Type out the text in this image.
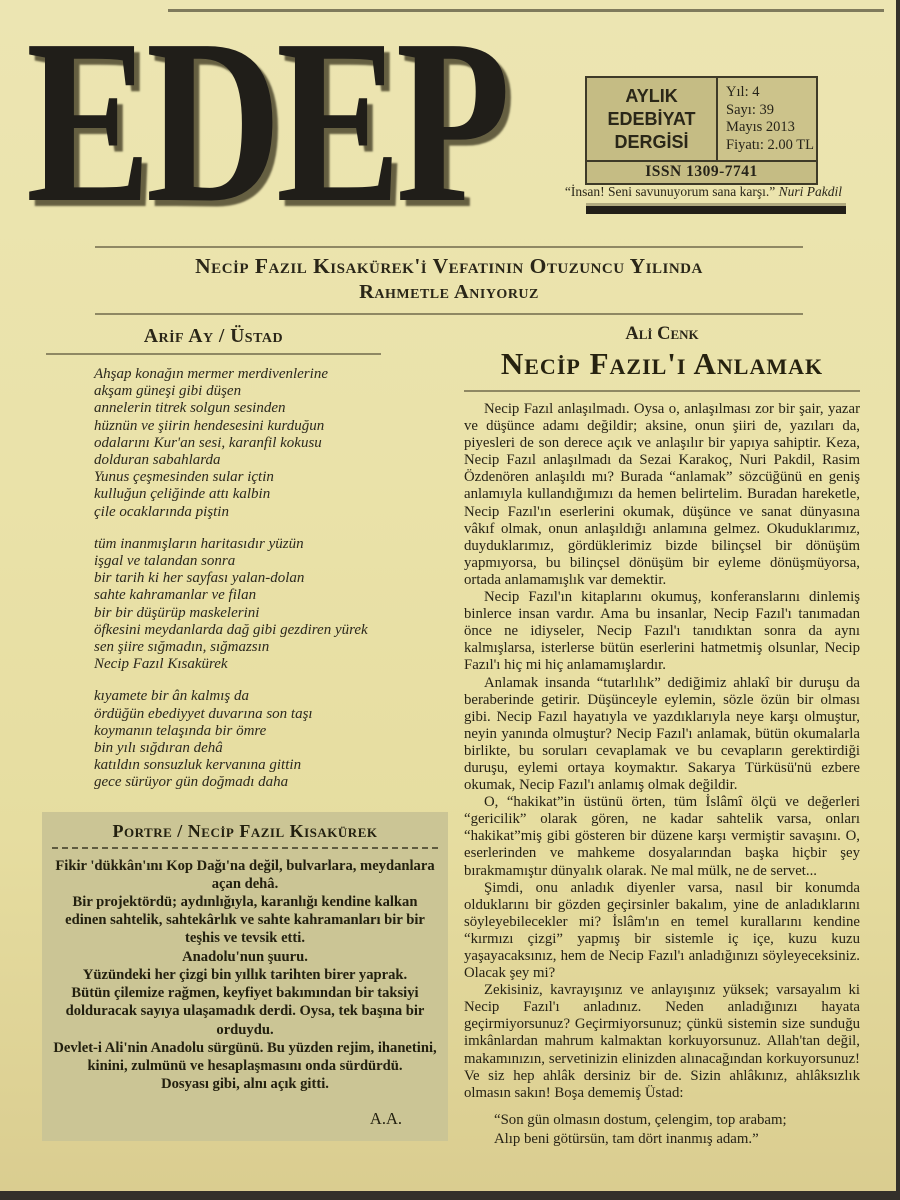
EDEP	AYLIK EDEBİYAT DERGİSİ
Yıl: 4
Sayı: 39
Mayıs 2013
Fiyatı: 2.00 TL
ISSN 1309-7741
“İnsan! Seni savunuyorum sana karşı.” Nuri Pakdil
Necip Fazıl Kısakürek'i Vefatının Otuzuncu Yılında
Rahmetle Anıyoruz
Arif Ay / Üstad

Ahşap konağın mermer merdivenlerine

akşam güneşi gibi düşen

annelerin titrek solgun sesinden

hüznün ve şiirin hendesesini kurduğun

odalarını Kur'an sesi, karanfil kokusu

dolduran sabahlarda

Yunus çeşmesinden sular içtin

kulluğun çeliğinde attı kalbin

çile ocaklarında piştin

tüm inanmışların haritasıdır yüzün

işgal ve talandan sonra

bir tarih ki her sayfası yalan-dolan

sahte kahramanlar ve filan

bir bir düşürüp maskelerini

öfkesini meydanlarda dağ gibi gezdiren yürek

sen şiire sığmadın, sığmazsın

Necip Fazıl Kısakürek

kıyamete bir ân kalmış da

ördüğün ebediyyet duvarına son taşı

koymanın telaşında bir ömre

bin yılı sığdıran dehâ

katıldın sonsuzluk kervanına gittin

gece sürüyor gün doğmadı daha

Portre / Necip Fazıl Kısakürek

Fikir 'dükkân'ını Kop Dağı'na değil, bulvarlara, meydanlara açan dehâ.

Bir projektördü; aydınlığıyla, karanlığı kendine kalkan edinen sahtelik, sahtekârlık ve sahte kahramanları bir bir teşhis ve tevsik etti.

Anadolu'nun şuuru.

Yüzündeki her çizgi bin yıllık tarihten birer yaprak.

Bütün çilemize rağmen, keyfiyet bakımından bir taksiyi dolduracak sayıya ulaşamadık derdi. Oysa, tek başına bir orduydu.

Devlet-i Ali'nin Anadolu sürgünü. Bu yüzden rejim, ihanetini, kinini, zulmünü ve hesaplaşmasını onda sürdürdü.

Dosyası gibi, alnı açık gitti.

A.A.
Ali Cenk
Necip Fazıl'ı Anlamak

Necip Fazıl anlaşılmadı. Oysa o, anlaşılması zor bir şair, yazar ve düşünce adamı değildir; aksine, onun şiiri de, yazıları da, piyesleri de son derece açık ve anlaşılır bir yapıya sahiptir. Keza, Necip Fazıl anlaşılmadı da Sezai Karakoç, Nuri Pakdil, Rasim Özdenören anlaşıldı mı? Burada “anlamak” sözcüğünü en geniş anlamıyla kullandığımızı da hemen belirtelim. Buradan hareketle, Necip Fazıl'ın eserlerini okumak, düşünce ve sanat dünyasına vâkıf olmak, onun anlaşıldığı anlamına gelmez. Okuduklarımız, duyduklarımız, gördüklerimiz bizde bilinçsel bir dönüşüm yapmıyorsa, bu bilinçsel dönüşüm bir eyleme dönüşmüyorsa, ortada anlamamışlık var demektir.

Necip Fazıl'ın kitaplarını okumuş, konferanslarını dinlemiş binlerce insan vardır. Ama bu insanlar, Necip Fazıl'ı tanımadan önce ne idiyseler, Necip Fazıl'ı tanıdıktan sonra da aynı kalmışlarsa, isterlerse bütün eserlerini hatmetmiş olsunlar, Necip Fazıl'ı hiç mi hiç anlamamışlardır.

Anlamak insanda “tutarlılık” dediğimiz ahlakî bir duruşu da beraberinde getirir. Düşünceyle eylemin, sözle özün bir olması gibi. Necip Fazıl hayatıyla ve yazdıklarıyla neye karşı olmuştur, neyin yanında olmuştur? Necip Fazıl'ı anlamak, bütün okumalarla birlikte, bu soruları cevaplamak ve bu cevapların gerektirdiği duruşu, eylemi ortaya koymaktır. Sakarya Türküsü'nü ezbere okumak, Necip Fazıl'ı anlamış olmak değildir.

O, “hakikat”in üstünü örten, tüm İslâmî ölçü ve değerleri “gericilik” olarak gören, ne kadar sahtelik varsa, onları “hakikat”miş gibi gösteren bir düzene karşı vermiştir savaşını. O, eserlerinden ve mahkeme dosyalarından başka hiçbir şey bırakmamıştır dünyalık olarak. Ne mal mülk, ne de servet...

Şimdi, onu anladık diyenler varsa, nasıl bir konumda olduklarını bir gözden geçirsinler bakalım, yine de anladıklarını söyleyebilecekler mi? İslâm'ın en temel kurallarını kendine “kırmızı çizgi” yapmış bir sistemle iç içe, kuzu kuzu yaşayacaksınız, hem de Necip Fazıl'ı anladığınızı söyleyeceksiniz. Olacak şey mi?

Zekisiniz, kavrayışınız ve anlayışınız yüksek; varsayalım ki Necip Fazıl'ı anladınız. Neden anladığınızı hayata geçirmiyorsunuz? Geçirmiyorsunuz; çünkü sistemin size sunduğu imkânlardan mahrum kalmaktan korkuyorsunuz. Allah'tan değil, makamınızın, servetinizin elinizden alınacağından korkuyorsunuz! Ve siz hep ahlâk dersiniz bir de. Sizin ahlâkınız, ahlâksızlık olmasın sakın! Boşa dememiş Üstad:

“Son gün olmasın dostum, çelengim, top arabam;

Alıp beni götürsün, tam dört inanmış adam.”
